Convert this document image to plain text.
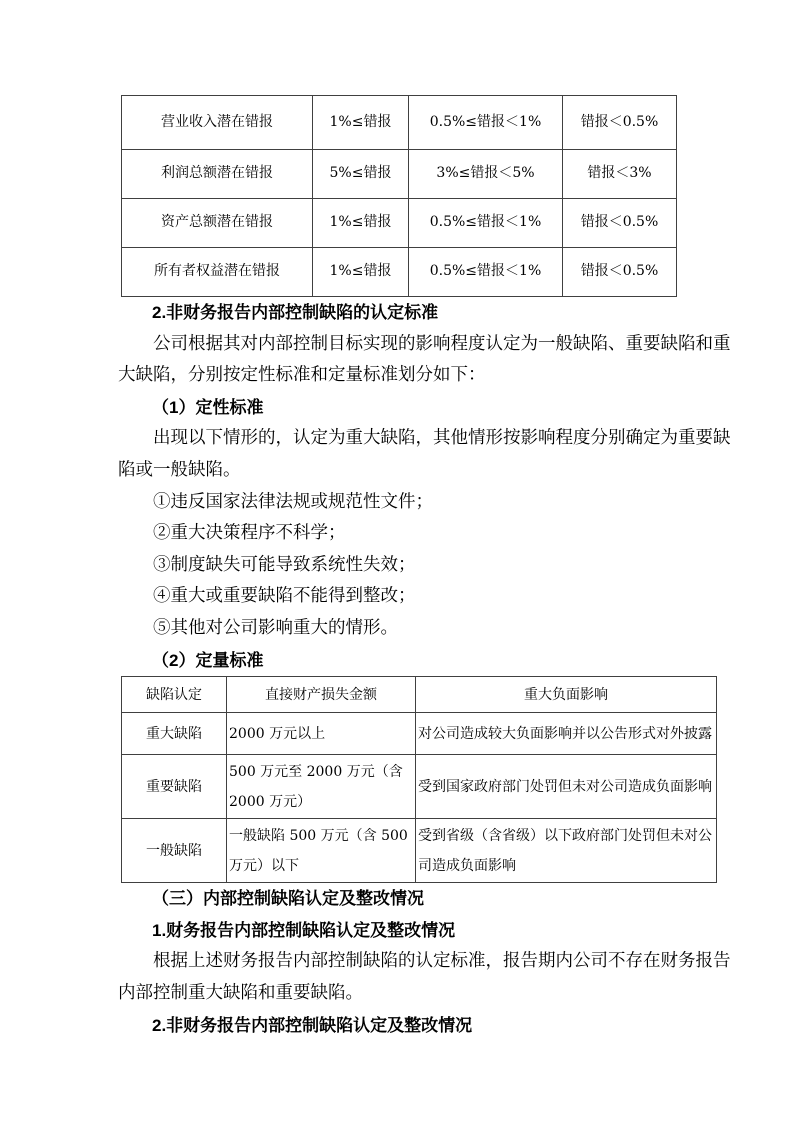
营业收入潜在错报	1%≤错报	0.5%≤错报＜1%	错报＜0.5%
利润总额潜在错报	5%≤错报	3%≤错报＜5%	错报＜3%
资产总额潜在错报	1%≤错报	0.5%≤错报＜1%	错报＜0.5%
所有者权益潜在错报	1%≤错报	0.5%≤错报＜1%	错报＜0.5%

2.非财务报告内部控制缺陷的认定标准

公司根据其对内部控制目标实现的影响程度认定为一般缺陷、重要缺陷和重大缺陷，分别按定性标准和定量标准划分如下：

（1）定性标准

出现以下情形的，认定为重大缺陷，其他情形按影响程度分别确定为重要缺陷或一般缺陷。

①违反国家法律法规或规范性文件；

②重大决策程序不科学；

③制度缺失可能导致系统性失效；

④重大或重要缺陷不能得到整改；

⑤其他对公司影响重大的情形。

（2）定量标准

缺陷认定	直接财产损失金额	重大负面影响
重大缺陷	2000 万元以上	对公司造成较大负面影响并以公告形式对外披露
重要缺陷	500 万元至 2000 万元（含 2000 万元）	受到国家政府部门处罚但未对公司造成负面影响
一般缺陷	一般缺陷 500 万元（含 500 万元）以下	受到省级（含省级）以下政府部门处罚但未对公司造成负面影响

（三）内部控制缺陷认定及整改情况

1.财务报告内部控制缺陷认定及整改情况

根据上述财务报告内部控制缺陷的认定标准，报告期内公司不存在财务报告内部控制重大缺陷和重要缺陷。

2.非财务报告内部控制缺陷认定及整改情况
